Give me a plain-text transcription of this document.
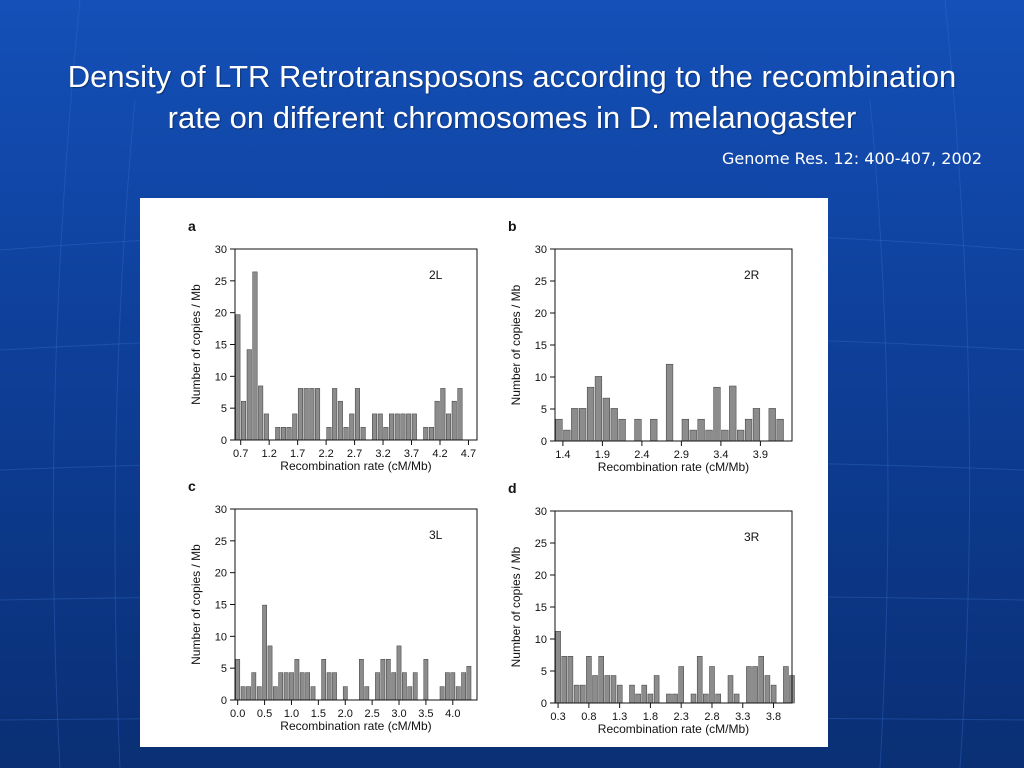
Density of LTR Retrotransposons according to the recombination
rate on different chromosomes in D. melanogaster
Genome Res. 12: 400-407, 2002
0
5
10
15
20
25
30
0.7 1.2 1.7 2.2 2.7 3.2 3.7 4.2 4.7
Recombination rate (cM/Mb)
Number of copies / Mb
a
2L
0
5
10
15
20
25
30
1.4 1.9 2.4 2.9 3.4 3.9
Recombination rate (cM/Mb)
Number of copies / Mb
b
2R
0
5
10
15
20
25
30
0.0 0.5 1.0 1.5 2.0 2.5 3.0 3.5 4.0
Recombination rate (cM/Mb)
Number of copies / Mb
c
3L
0
5
10
15
20
25
30
0.3 0.8 1.3 1.8 2.3 2.8 3.3 3.8
Recombination rate (cM/Mb)
Number of copies / Mb
d
3R
